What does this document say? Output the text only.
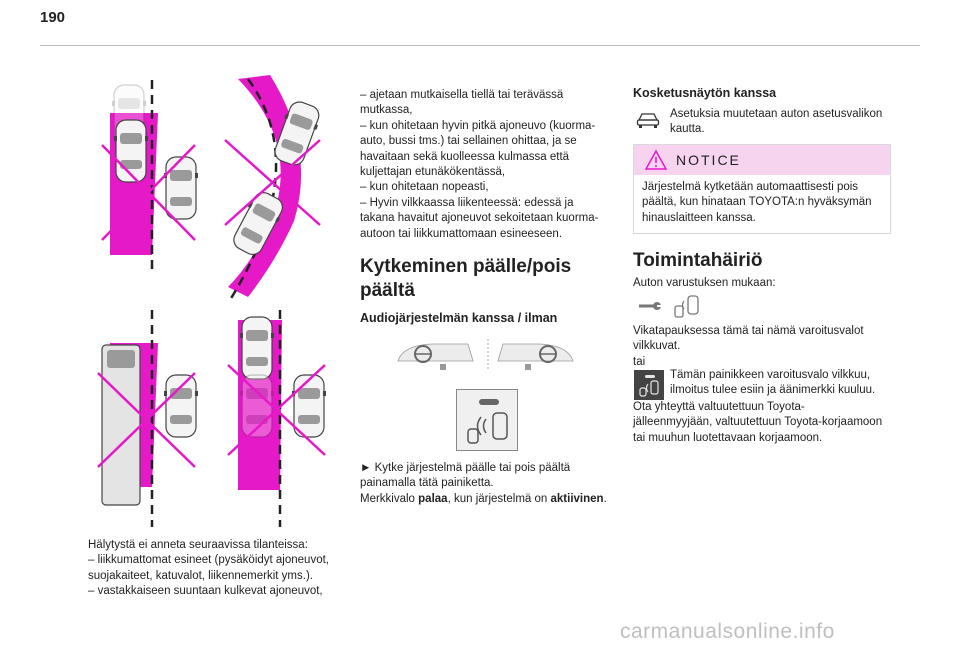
190

Hälytystä ei anneta seuraavissa tilanteissa:

– liikkumattomat esineet (pysäköidyt ajoneuvot,

suojakaiteet, katuvalot, liikennemerkit yms.).

– vastakkaiseen suuntaan kulkevat ajoneuvot,

– ajetaan mutkaisella tiellä tai terävässä

mutkassa,

– kun ohitetaan hyvin pitkä ajoneuvo (kuorma-

auto, bussi tms.) tai sellainen ohittaa, ja se

havaitaan sekä kuolleessa kulmassa että

kuljettajan etunäkökentässä,

– kun ohitetaan nopeasti,

– Hyvin vilkkaassa liikenteessä: edessä ja

takana havaitut ajoneuvot sekoitetaan kuorma-

autoon tai liikkumattomaan esineeseen.

Kytkeminen päälle/pois

päältä

Audiojärjestelmän kanssa / ilman

► Kytke järjestelmä päälle tai pois päältä

painamalla tätä painiketta.

Merkkivalo palaa, kun järjestelmä on aktiivinen.

Kosketusnäytön kanssa

Asetuksia muutetaan auton asetusvalikon

kautta.

NOTICE

Järjestelmä kytketään automaattisesti pois

päältä, kun hinataan TOYOTA:n hyväksymän

hinauslaitteen kanssa.

Toimintahäiriö

Auton varustuksen mukaan:

Vikatapauksessa tämä tai nämä varoitusvalot

vilkkuvat.

tai

Tämän painikkeen varoitusvalo vilkkuu,

ilmoitus tulee esiin ja äänimerkki kuuluu.

Ota yhteyttä valtuutettuun Toyota-

jälleenmyyjään, valtuutettuun Toyota-korjaamoon

tai muuhun luotettavaan korjaamoon.

carmanualsonline.info
